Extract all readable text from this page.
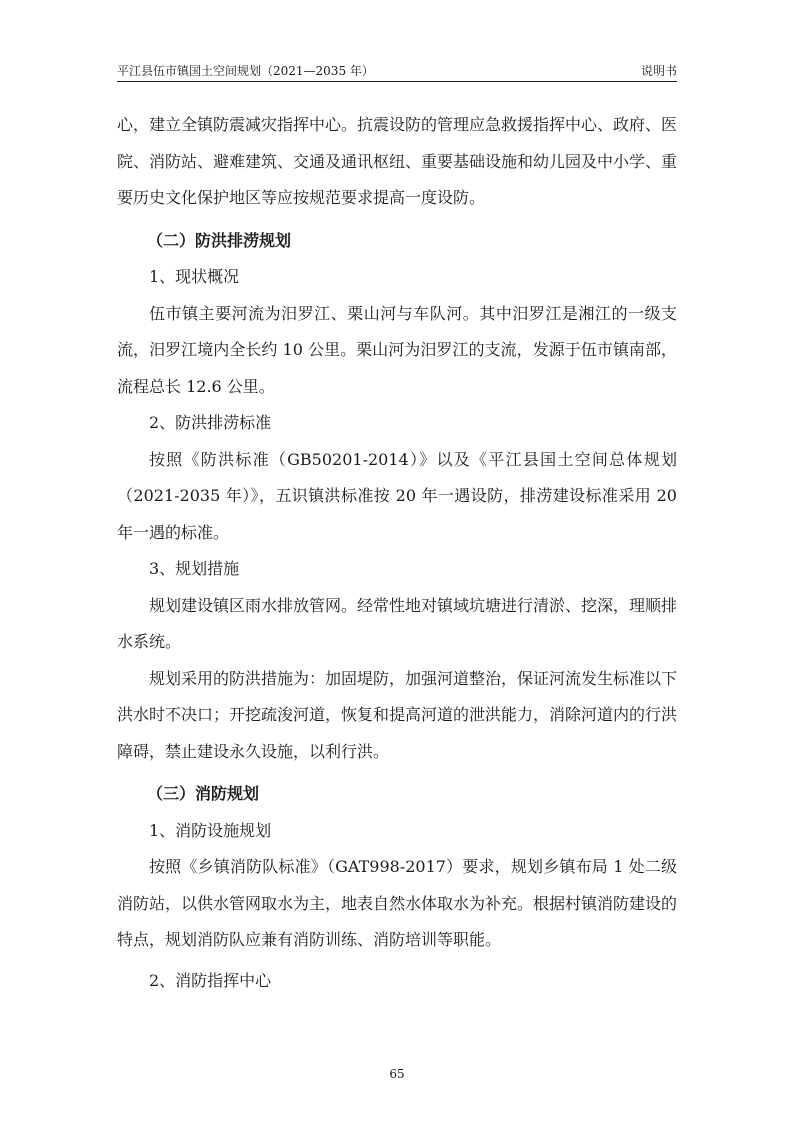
平江县伍市镇国土空间规划（2021—2035 年）	说明书

心，建立全镇防震减灾指挥中心。抗震设防的管理应急救援指挥中心、政府、医院、消防站、避难建筑、交通及通讯枢纽、重要基础设施和幼儿园及中小学、重要历史文化保护地区等应按规范要求提高一度设防。

（二）防洪排涝规划

1、现状概况

伍市镇主要河流为汨罗江、栗山河与车队河。其中汨罗江是湘江的一级支流，汨罗江境内全长约 10 公里。栗山河为汨罗江的支流，发源于伍市镇南部，流程总长 12.6 公里。

2、防洪排涝标准

按照《防洪标准（GB50201-2014）》以及《平江县国土空间总体规划（2021-2035 年）》，五识镇洪标准按 20 年一遇设防，排涝建设标准采用 20 年一遇的标准。

3、规划措施

规划建设镇区雨水排放管网。经常性地对镇域坑塘进行清淤、挖深，理顺排水系统。

规划采用的防洪措施为：加固堤防，加强河道整治，保证河流发生标准以下洪水时不决口；开挖疏浚河道，恢复和提高河道的泄洪能力，消除河道内的行洪障碍，禁止建设永久设施，以利行洪。

（三）消防规划

1、消防设施规划

按照《乡镇消防队标准》（GAT998-2017）要求，规划乡镇布局 1 处二级消防站，以供水管网取水为主，地表自然水体取水为补充。根据村镇消防建设的特点，规划消防队应兼有消防训练、消防培训等职能。

2、消防指挥中心

65
